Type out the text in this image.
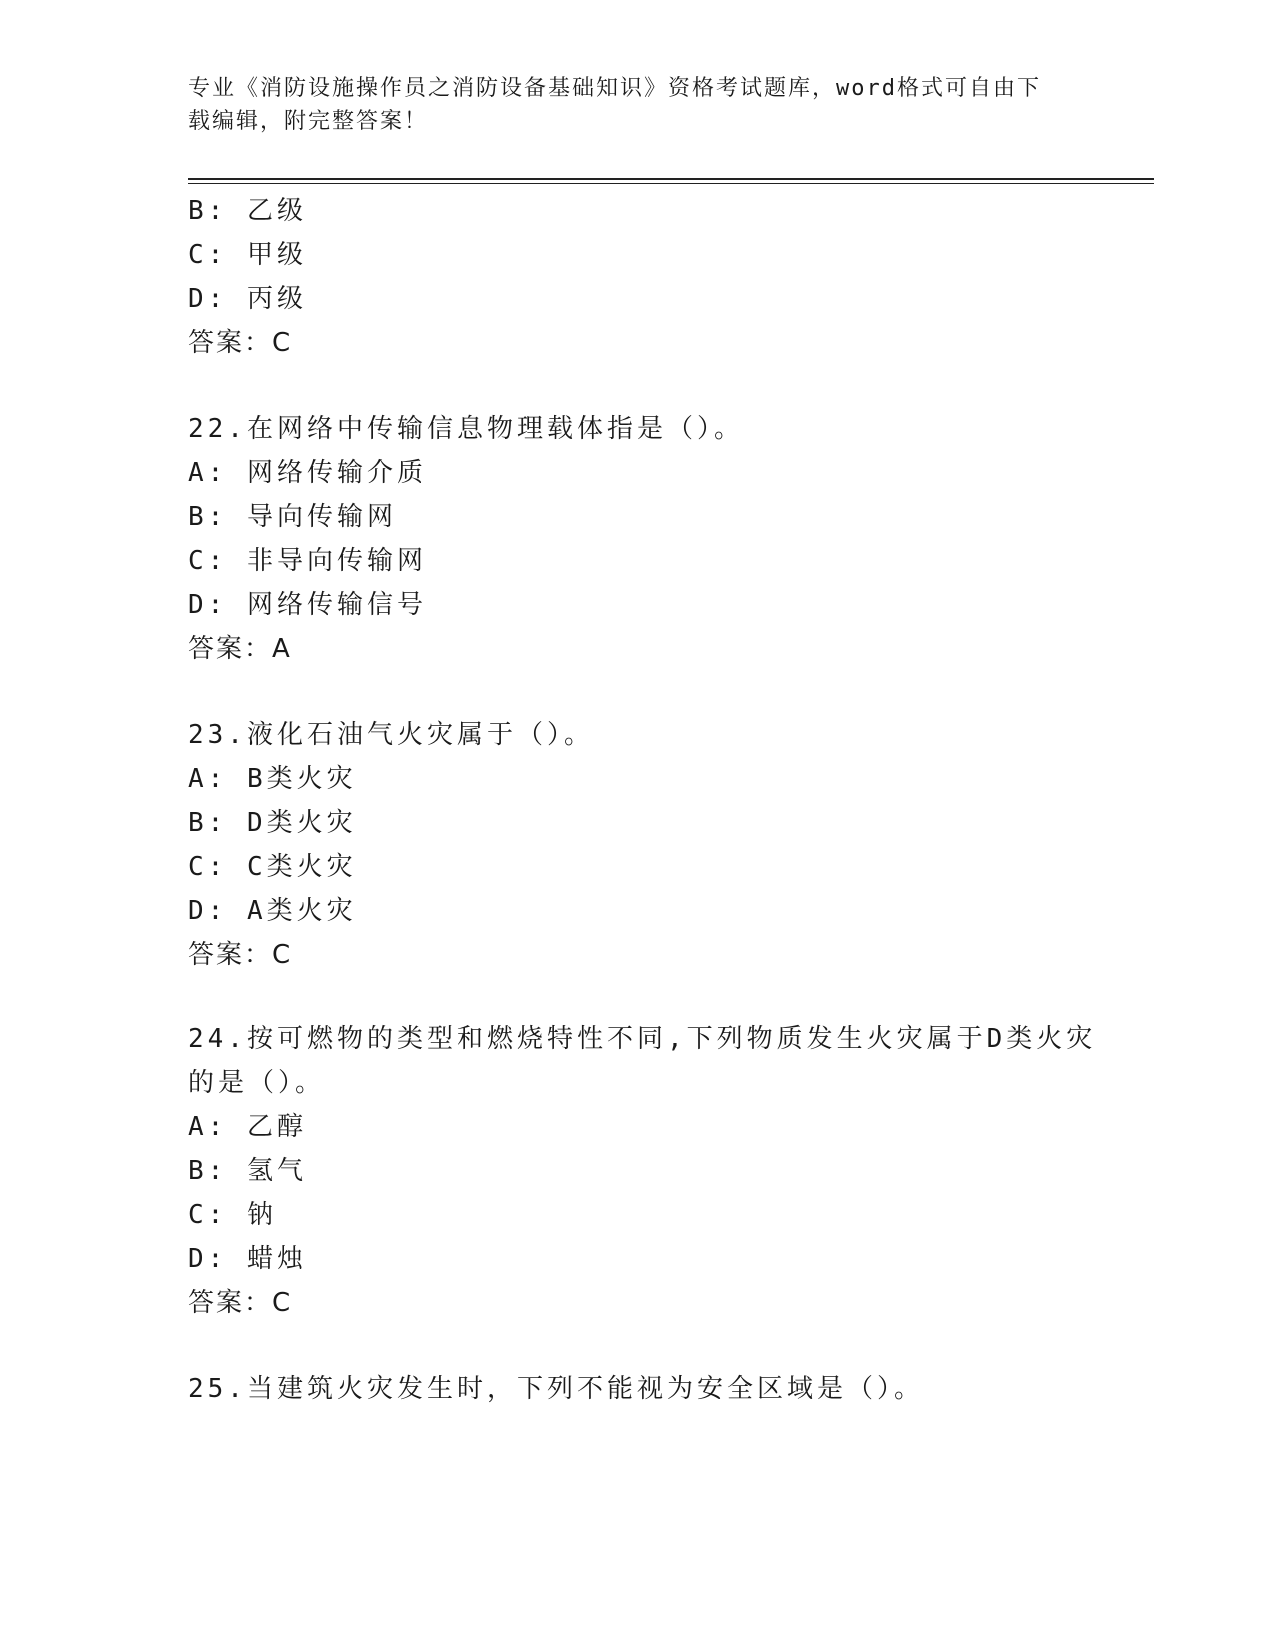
专业《消防设施操作员之消防设备基础知识》资格考试题库，word格式可自由下
载编辑，附完整答案！
B: 乙级
C: 甲级
D: 丙级
答案：C
22.在网络中传输信息物理载体指是（）。
A: 网络传输介质
B: 导向传输网
C: 非导向传输网
D: 网络传输信号
答案：A
23.液化石油气火灾属于（）。
A: B类火灾
B: D类火灾
C: C类火灾
D: A类火灾
答案：C
24.按可燃物的类型和燃烧特性不同,下列物质发生火灾属于D类火灾
的是（）。
A: 乙醇
B: 氢气
C: 钠
D: 蜡烛
答案：C
25.当建筑火灾发生时，下列不能视为安全区域是（）。
